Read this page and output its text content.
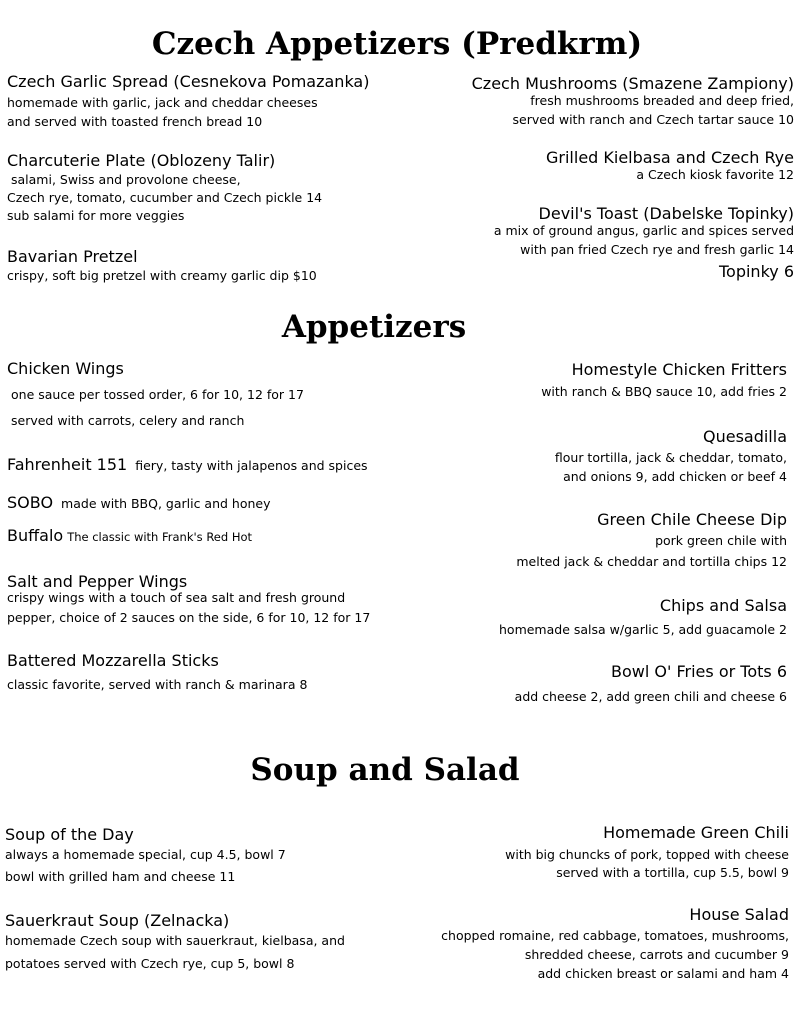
Czech Appetizers (Predkrm)
Czech Garlic Spread (Cesnekova Pomazanka)
homemade with garlic, jack and cheddar cheeses
and served with toasted french bread 10
Charcuterie Plate (Oblozeny Talir)
salami, Swiss and provolone cheese,
Czech rye, tomato, cucumber and Czech pickle 14
sub salami for more veggies
Bavarian Pretzel
crispy, soft big pretzel with creamy garlic dip $10
Czech Mushrooms (Smazene Zampiony)
fresh mushrooms breaded and deep fried,
served with ranch and Czech tartar sauce 10
Grilled Kielbasa and Czech Rye
a Czech kiosk favorite 12
Devil's Toast (Dabelske Topinky)
a mix of ground angus, garlic and spices served
with pan fried Czech rye and fresh garlic 14
Topinky 6
Appetizers
Chicken Wings
one sauce per tossed order, 6 for 10, 12 for 17
served with carrots, celery and ranch
Fahrenheit 151 fiery, tasty with jalapenos and spices
SOBO made with BBQ, garlic and honey
Buffalo The classic with Frank's Red Hot
Salt and Pepper Wings
crispy wings with a touch of sea salt and fresh ground
pepper, choice of 2 sauces on the side, 6 for 10, 12 for 17
Battered Mozzarella Sticks
classic favorite, served with ranch & marinara 8
Homestyle Chicken Fritters
with ranch & BBQ sauce 10, add fries 2
Quesadilla
flour tortilla, jack & cheddar, tomato,
and onions 9, add chicken or beef 4
Green Chile Cheese Dip
pork green chile with
melted jack & cheddar and tortilla chips 12
Chips and Salsa
homemade salsa w/garlic 5, add guacamole 2
Bowl O' Fries or Tots 6
add cheese 2, add green chili and cheese 6
Soup and Salad
Soup of the Day
always a homemade special, cup 4.5, bowl 7
bowl with grilled ham and cheese 11
Sauerkraut Soup (Zelnacka)
homemade Czech soup with sauerkraut, kielbasa, and
potatoes served with Czech rye, cup 5, bowl 8
Homemade Green Chili
with big chuncks of pork, topped with cheese
served with a tortilla, cup 5.5, bowl 9
House Salad
chopped romaine, red cabbage, tomatoes, mushrooms,
shredded cheese, carrots and cucumber 9
add chicken breast or salami and ham 4
